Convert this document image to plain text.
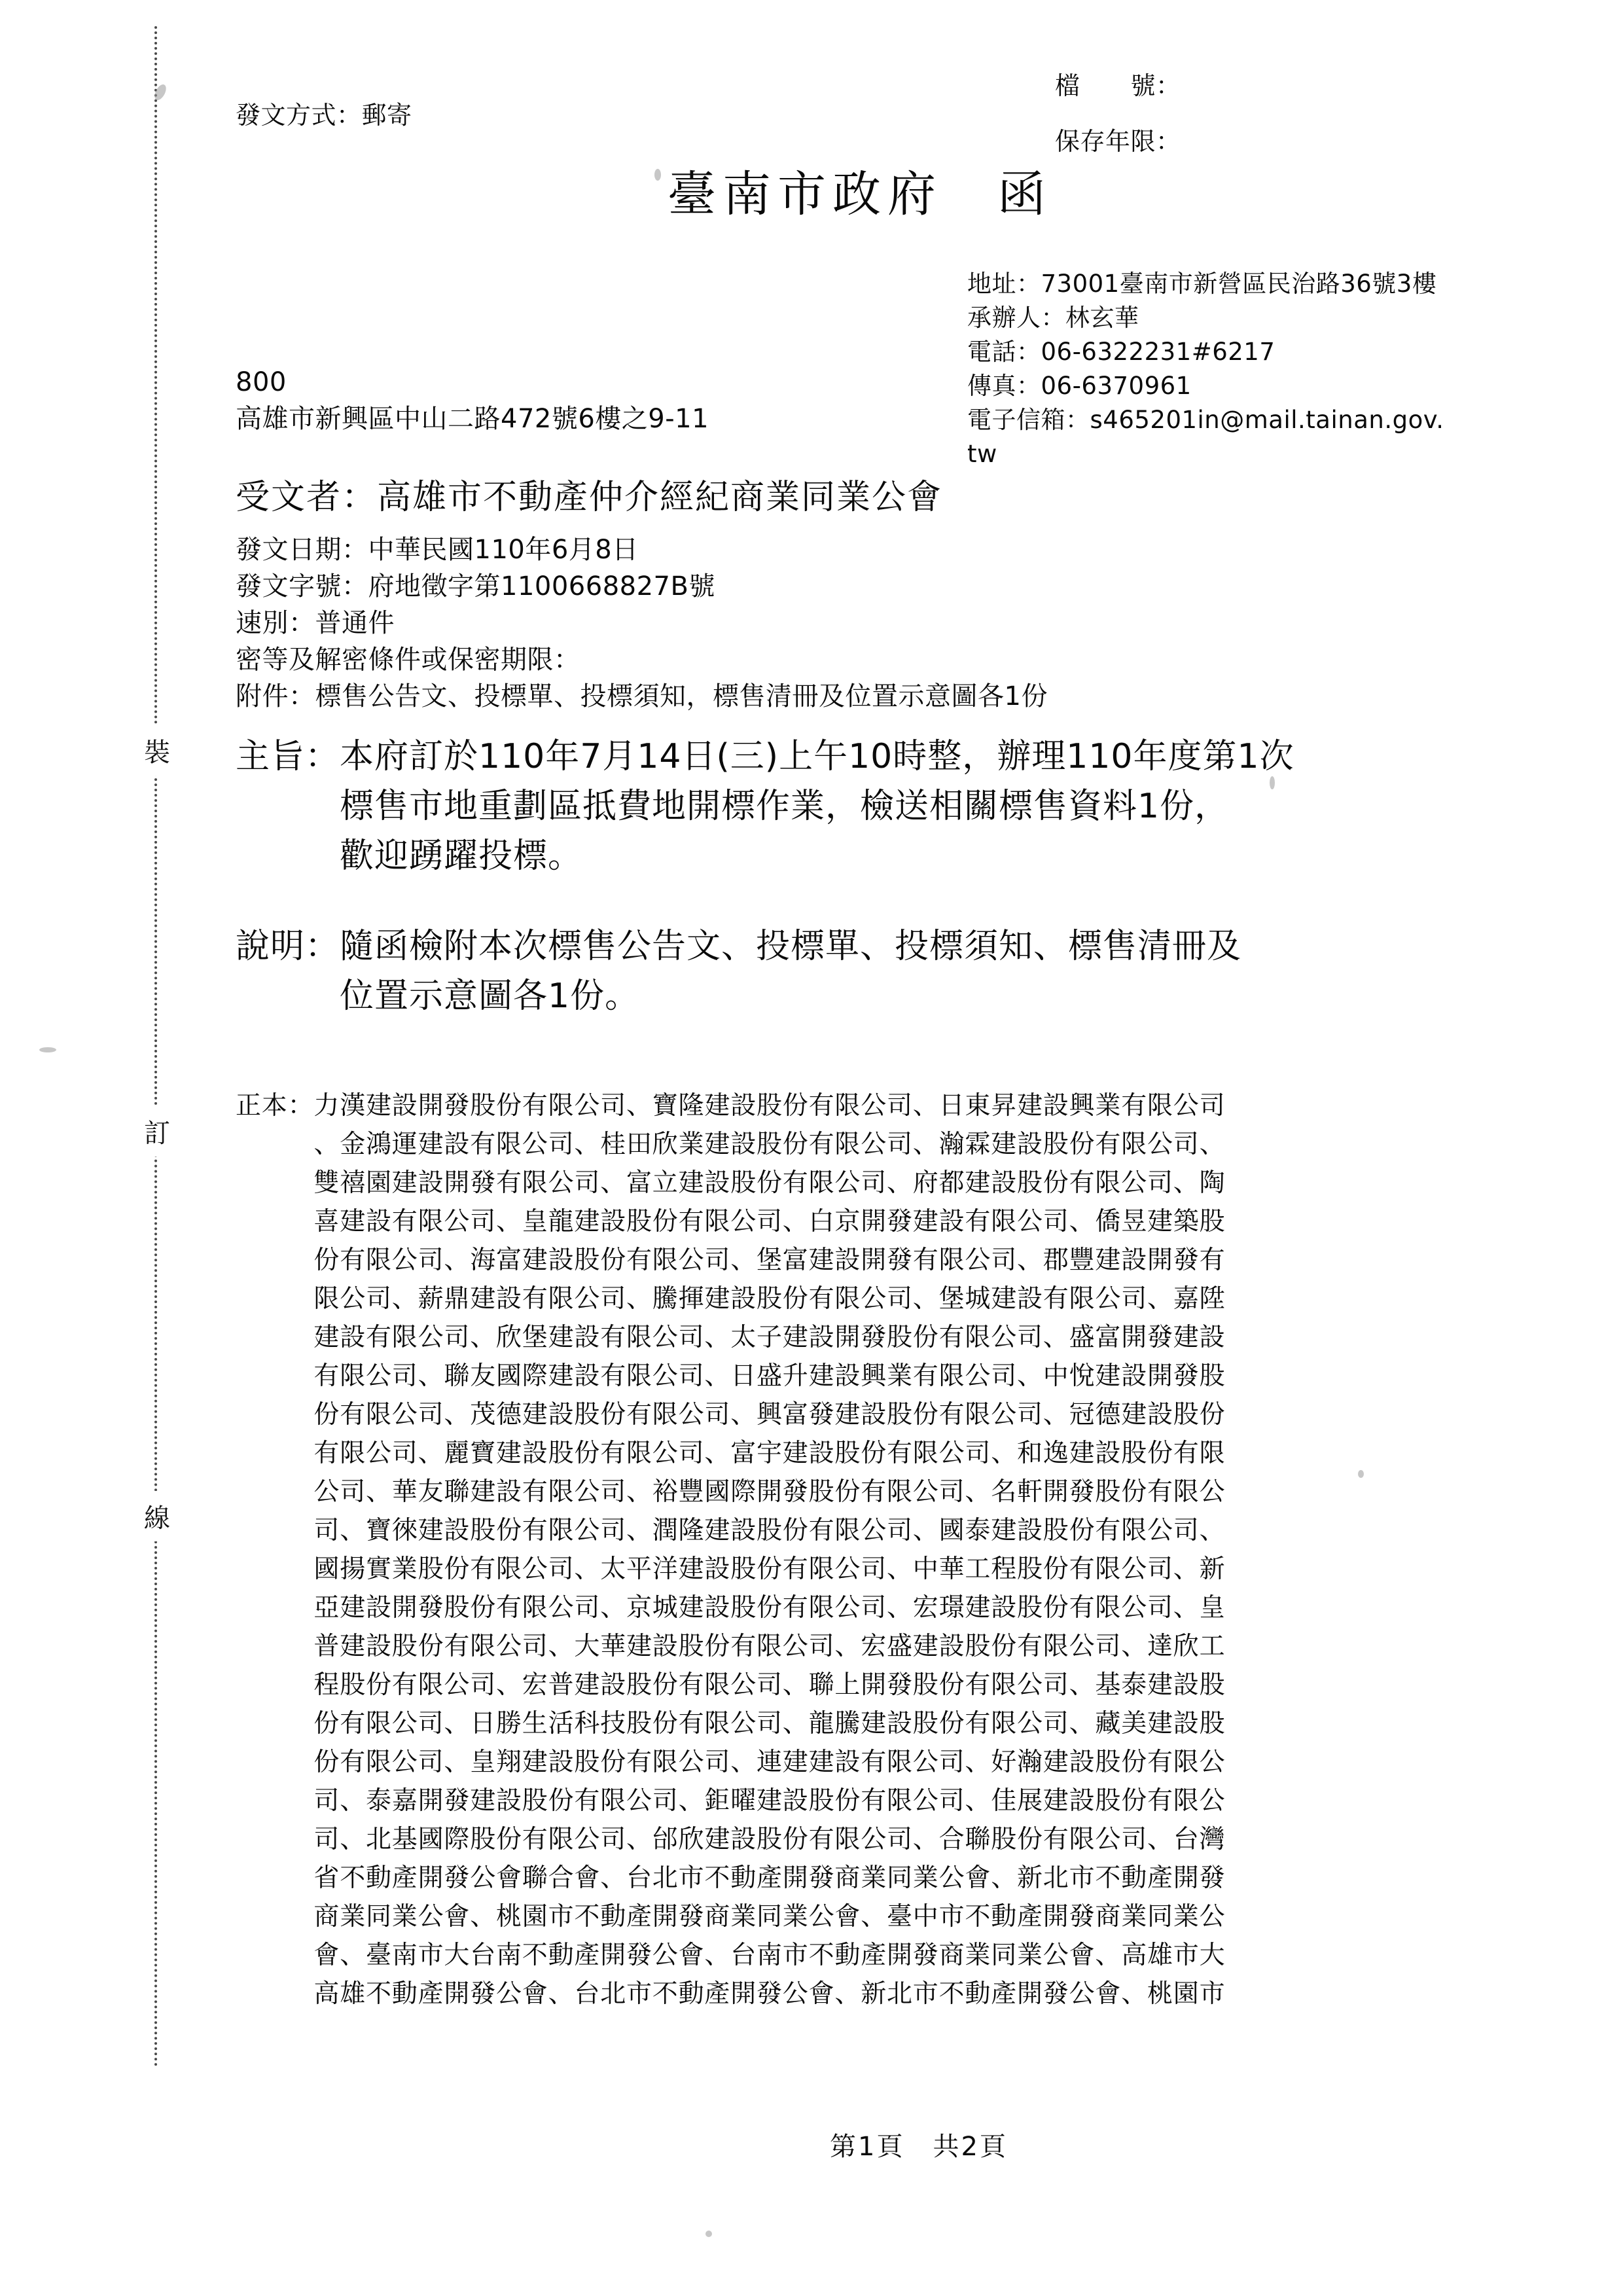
裝
訂
線
發文方式：郵寄
檔　　號：
保存年限：
臺南市政府　函
地址：73001臺南市新營區民治路36號3樓
承辦人：林玄華
電話：06-6322231#6217
傳真：06-6370961
電子信箱：s465201in@mail.tainan.gov.
tw
800
高雄市新興區中山二路472號6樓之9-11
受文者：高雄市不動產仲介經紀商業同業公會
發文日期：中華民國110年6月8日
發文字號：府地徵字第1100668827B號
速別：普通件
密等及解密條件或保密期限：
附件：標售公告文、投標單、投標須知，標售清冊及位置示意圖各1份
主旨： 本府訂於110年7月14日(三)上午10時整，辦理110年度第1次
標售市地重劃區抵費地開標作業，檢送相關標售資料1份，
歡迎踴躍投標。
說明： 隨函檢附本次標售公告文、投標單、投標須知、標售清冊及
位置示意圖各1份。
正本： 力漢建設開發股份有限公司、寶隆建設股份有限公司、日東昇建設興業有限公司
、金鴻運建設有限公司、桂田欣業建設股份有限公司、瀚霖建設股份有限公司、
雙禧園建設開發有限公司、富立建設股份有限公司、府都建設股份有限公司、陶
喜建設有限公司、皇龍建設股份有限公司、白京開發建設有限公司、僑昱建築股
份有限公司、海富建設股份有限公司、堡富建設開發有限公司、郡豐建設開發有
限公司、薪鼎建設有限公司、騰揮建設股份有限公司、堡城建設有限公司、嘉陞
建設有限公司、欣堡建設有限公司、太子建設開發股份有限公司、盛富開發建設
有限公司、聯友國際建設有限公司、日盛升建設興業有限公司、中悅建設開發股
份有限公司、茂德建設股份有限公司、興富發建設股份有限公司、冠德建設股份
有限公司、麗寶建設股份有限公司、富宇建設股份有限公司、和逸建設股份有限
公司、華友聯建設有限公司、裕豐國際開發股份有限公司、名軒開發股份有限公
司、寶徠建設股份有限公司、潤隆建設股份有限公司、國泰建設股份有限公司、
國揚實業股份有限公司、太平洋建設股份有限公司、中華工程股份有限公司、新
亞建設開發股份有限公司、京城建設股份有限公司、宏璟建設股份有限公司、皇
普建設股份有限公司、大華建設股份有限公司、宏盛建設股份有限公司、達欣工
程股份有限公司、宏普建設股份有限公司、聯上開發股份有限公司、基泰建設股
份有限公司、日勝生活科技股份有限公司、龍騰建設股份有限公司、藏美建設股
份有限公司、皇翔建設股份有限公司、連建建設有限公司、好瀚建設股份有限公
司、泰嘉開發建設股份有限公司、鉅曜建設股份有限公司、佳展建設股份有限公
司、北基國際股份有限公司、邰欣建設股份有限公司、合聯股份有限公司、台灣
省不動產開發公會聯合會、台北市不動產開發商業同業公會、新北市不動產開發
商業同業公會、桃園市不動產開發商業同業公會、臺中市不動產開發商業同業公
會、臺南市大台南不動產開發公會、台南市不動產開發商業同業公會、高雄市大
高雄不動產開發公會、台北市不動產開發公會、新北市不動產開發公會、桃園市
第1頁　共2頁
